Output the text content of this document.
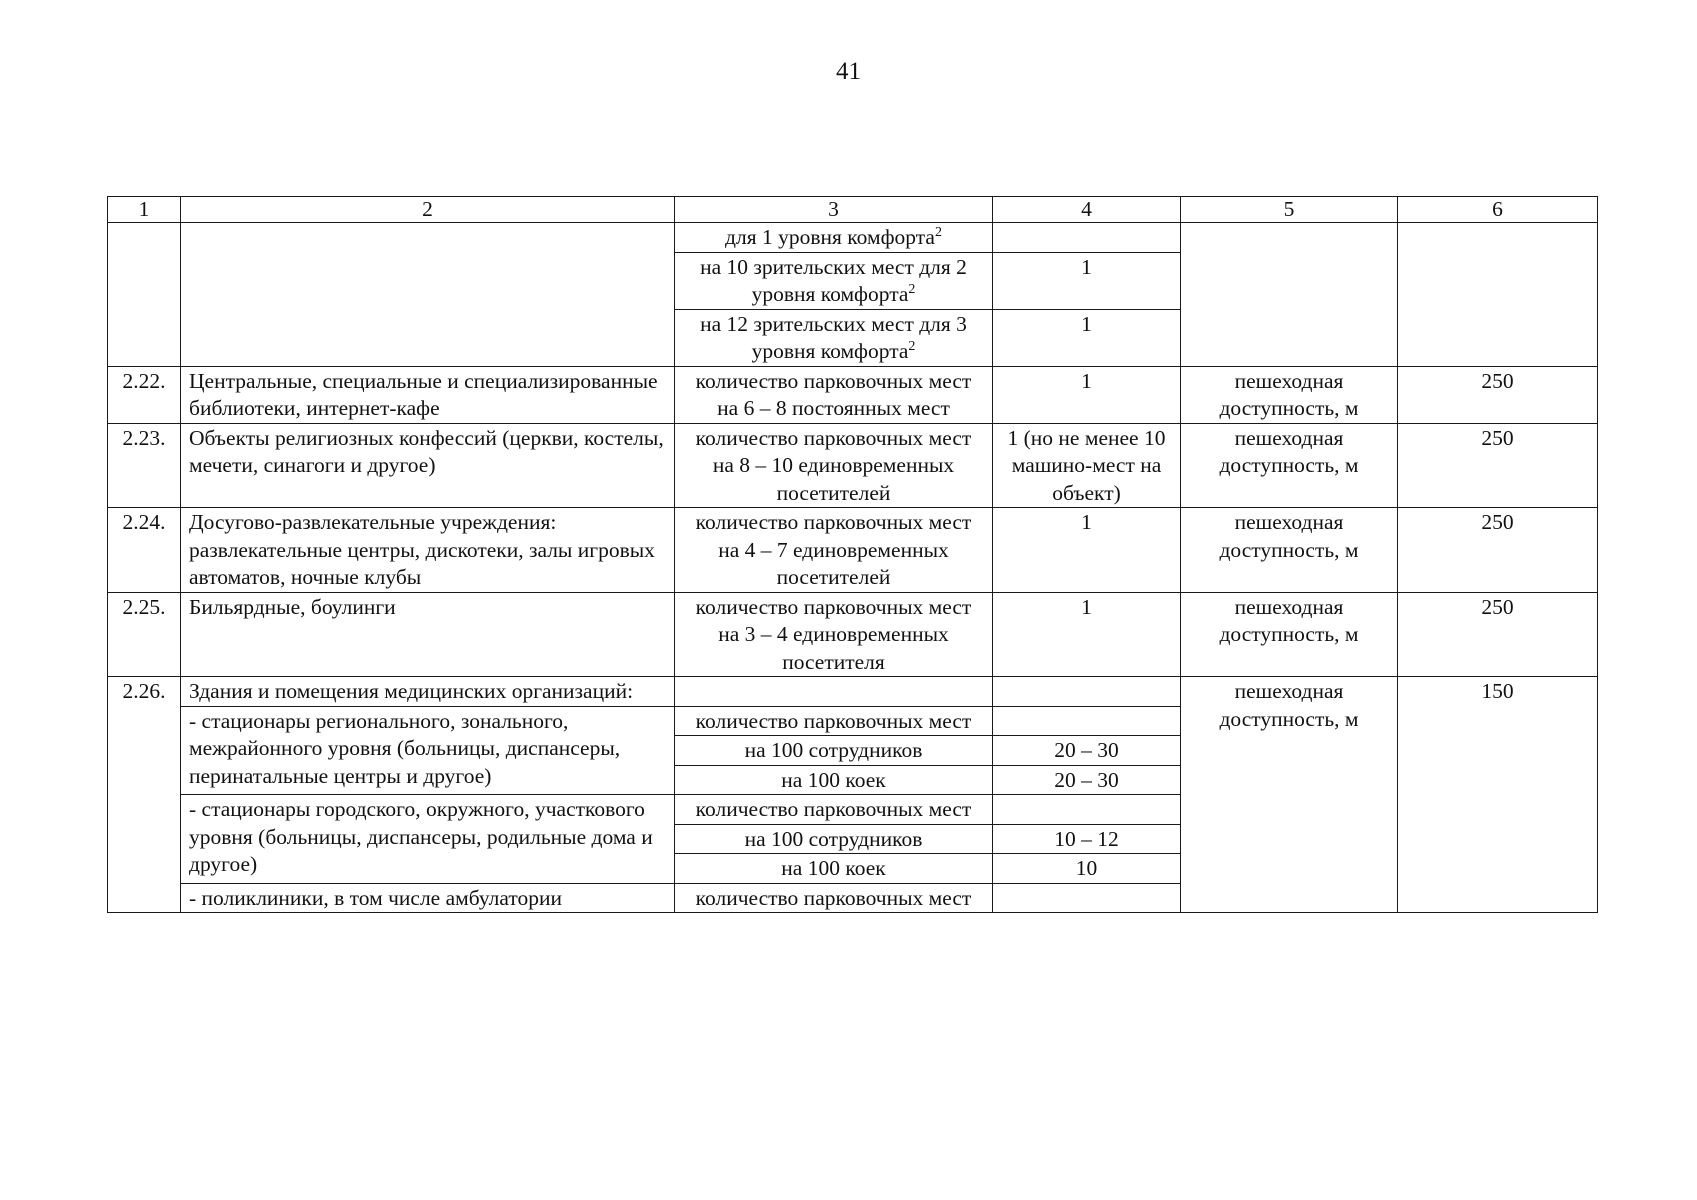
41
1	2	3	4	5	6
		для 1 уровня комфорта$^2$			
		на 10 зрительских мест для 2 уровня комфорта$^2$	1		
		на 12 зрительских мест для 3 уровня комфорта$^2$	1		
2.22.	Центральные, специальные и специализированные библиотеки, интернет-кафе	количество парковочных мест на 6 – 8 постоянных мест	1	пешеходная доступность, м	250
2.23.	Объекты религиозных конфессий (церкви, костелы, мечети, синагоги и другое)	количество парковочных мест на 8 – 10 единовременных посетителей	1 (но не менее 10 машино-мест на объект)	пешеходная доступность, м	250
2.24.	Досугово-развлекательные учреждения: развлекательные центры, дискотеки, залы игровых автоматов, ночные клубы	количество парковочных мест на 4 – 7 единовременных посетителей	1	пешеходная доступность, м	250
2.25.	Бильярдные, боулинги	количество парковочных мест на 3 – 4 единовременных посетителя	1	пешеходная доступность, м	250
2.26.	Здания и помещения медицинских организаций:			пешеходная доступность, м	150
	- стационары регионального, зонального, межрайонного уровня (больницы, диспансеры, перинатальные центры и другое)	количество парковочных мест			
		на 100 сотрудников	20 – 30		
		на 100 коек	20 – 30		
	- стационары городского, окружного, участкового уровня (больницы, диспансеры, родильные дома и другое)	количество парковочных мест			
		на 100 сотрудников	10 – 12		
		на 100 коек	10		
	- поликлиники, в том числе амбулатории	количество парковочных мест			
